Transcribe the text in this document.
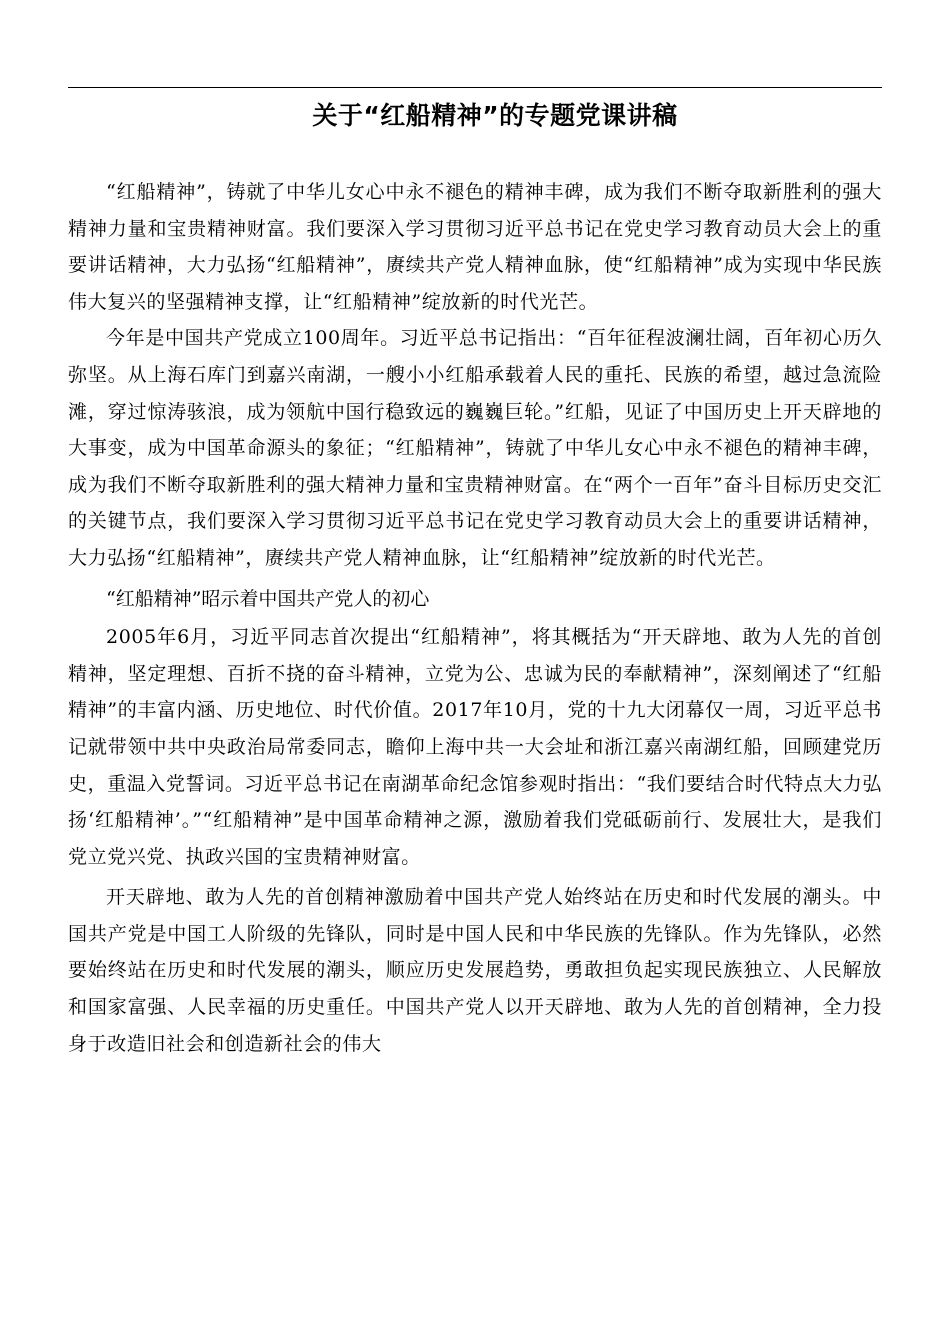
关于“红船精神”的专题党课讲稿

“红船精神”，铸就了中华儿女心中永不褪色的精神丰碑，成为我们不断夺取新胜利的强大精神力量和宝贵精神财富。我们要深入学习贯彻习近平总书记在党史学习教育动员大会上的重要讲话精神，大力弘扬“红船精神”，赓续共产党人精神血脉，使“红船精神”成为实现中华民族伟大复兴的坚强精神支撑，让“红船精神”绽放新的时代光芒。

今年是中国共产党成立100周年。习近平总书记指出：“百年征程波澜壮阔，百年初心历久弥坚。从上海石库门到嘉兴南湖，一艘小小红船承载着人民的重托、民族的希望，越过急流险滩，穿过惊涛骇浪，成为领航中国行稳致远的巍巍巨轮。”红船，见证了中国历史上开天辟地的大事变，成为中国革命源头的象征；“红船精神”，铸就了中华儿女心中永不褪色的精神丰碑，成为我们不断夺取新胜利的强大精神力量和宝贵精神财富。在“两个一百年”奋斗目标历史交汇的关键节点，我们要深入学习贯彻习近平总书记在党史学习教育动员大会上的重要讲话精神，大力弘扬“红船精神”，赓续共产党人精神血脉，让“红船精神”绽放新的时代光芒。

“红船精神”昭示着中国共产党人的初心

2005年6月，习近平同志首次提出“红船精神”，将其概括为“开天辟地、敢为人先的首创精神，坚定理想、百折不挠的奋斗精神，立党为公、忠诚为民的奉献精神”，深刻阐述了“红船精神”的丰富内涵、历史地位、时代价值。2017年10月，党的十九大闭幕仅一周，习近平总书记就带领中共中央政治局常委同志，瞻仰上海中共一大会址和浙江嘉兴南湖红船，回顾建党历史，重温入党誓词。习近平总书记在南湖革命纪念馆参观时指出：“我们要结合时代特点大力弘扬‘红船精神’。”“红船精神”是中国革命精神之源，激励着我们党砥砺前行、发展壮大，是我们党立党兴党、执政兴国的宝贵精神财富。

开天辟地、敢为人先的首创精神激励着中国共产党人始终站在历史和时代发展的潮头。中国共产党是中国工人阶级的先锋队，同时是中国人民和中华民族的先锋队。作为先锋队，必然要始终站在历史和时代发展的潮头，顺应历史发展趋势，勇敢担负起实现民族独立、人民解放和国家富强、人民幸福的历史重任。中国共产党人以开天辟地、敢为人先的首创精神，全力投身于改造旧社会和创造新社会的伟大
